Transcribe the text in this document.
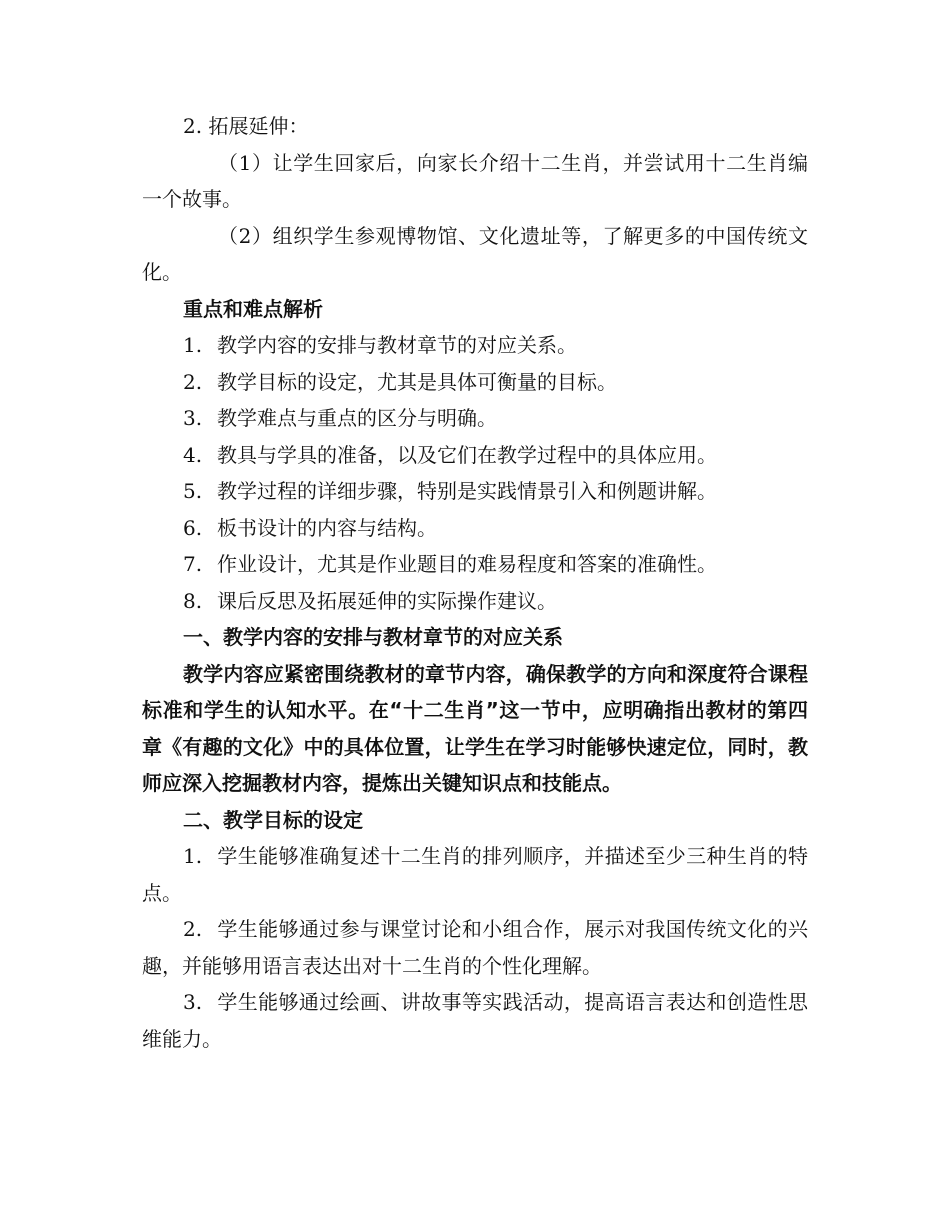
2. 拓展延伸：

（1）让学生回家后，向家长介绍十二生肖，并尝试用十二生肖编一个故事。

（2）组织学生参观博物馆、文化遗址等，了解更多的中国传统文化。

重点和难点解析

1. 教学内容的安排与教材章节的对应关系。

2. 教学目标的设定，尤其是具体可衡量的目标。

3. 教学难点与重点的区分与明确。

4. 教具与学具的准备，以及它们在教学过程中的具体应用。

5. 教学过程的详细步骤，特别是实践情景引入和例题讲解。

6. 板书设计的内容与结构。

7. 作业设计，尤其是作业题目的难易程度和答案的准确性。

8. 课后反思及拓展延伸的实际操作建议。

一、教学内容的安排与教材章节的对应关系

教学内容应紧密围绕教材的章节内容，确保教学的方向和深度符合课程标准和学生的认知水平。在“十二生肖”这一节中，应明确指出教材的第四章《有趣的文化》中的具体位置，让学生在学习时能够快速定位，同时，教师应深入挖掘教材内容，提炼出关键知识点和技能点。

二、教学目标的设定

1. 学生能够准确复述十二生肖的排列顺序，并描述至少三种生肖的特点。

2. 学生能够通过参与课堂讨论和小组合作，展示对我国传统文化的兴趣，并能够用语言表达出对十二生肖的个性化理解。

3. 学生能够通过绘画、讲故事等实践活动，提高语言表达和创造性思维能力。
